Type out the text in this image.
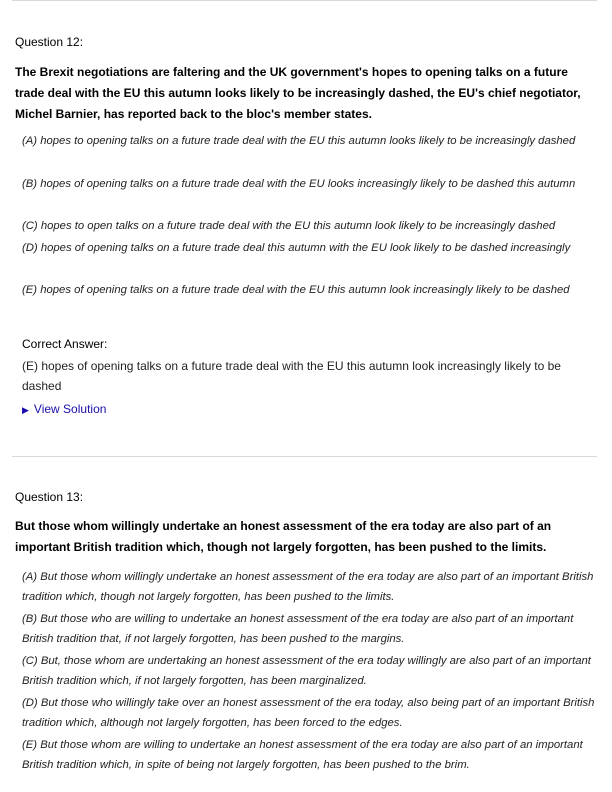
Question 12:
The Brexit negotiations are faltering and the UK government's hopes to opening talks on a future trade deal with the EU this autumn looks likely to be increasingly dashed, the EU's chief negotiator, Michel Barnier, has reported back to the bloc's member states.
(A) hopes to opening talks on a future trade deal with the EU this autumn looks likely to be increasingly dashed
(B) hopes of opening talks on a future trade deal with the EU looks increasingly likely to be dashed this autumn
(C) hopes to open talks on a future trade deal with the EU this autumn look likely to be increasingly dashed
(D) hopes of opening talks on a future trade deal this autumn with the EU look likely to be dashed increasingly
(E) hopes of opening talks on a future trade deal with the EU this autumn look increasingly likely to be dashed
Correct Answer:
(E) hopes of opening talks on a future trade deal with the EU this autumn look increasingly likely to be dashed
▶ View Solution
Question 13:
But those whom willingly undertake an honest assessment of the era today are also part of an important British tradition which, though not largely forgotten, has been pushed to the limits.
(A) But those whom willingly undertake an honest assessment of the era today are also part of an important British tradition which, though not largely forgotten, has been pushed to the limits.
(B) But those who are willing to undertake an honest assessment of the era today are also part of an important British tradition that, if not largely forgotten, has been pushed to the margins.
(C) But, those whom are undertaking an honest assessment of the era today willingly are also part of an important British tradition which, if not largely forgotten, has been marginalized.
(D) But those who willingly take over an honest assessment of the era today, also being part of an important British tradition which, although not largely forgotten, has been forced to the edges.
(E) But those whom are willing to undertake an honest assessment of the era today are also part of an important British tradition which, in spite of being not largely forgotten, has been pushed to the brim.
